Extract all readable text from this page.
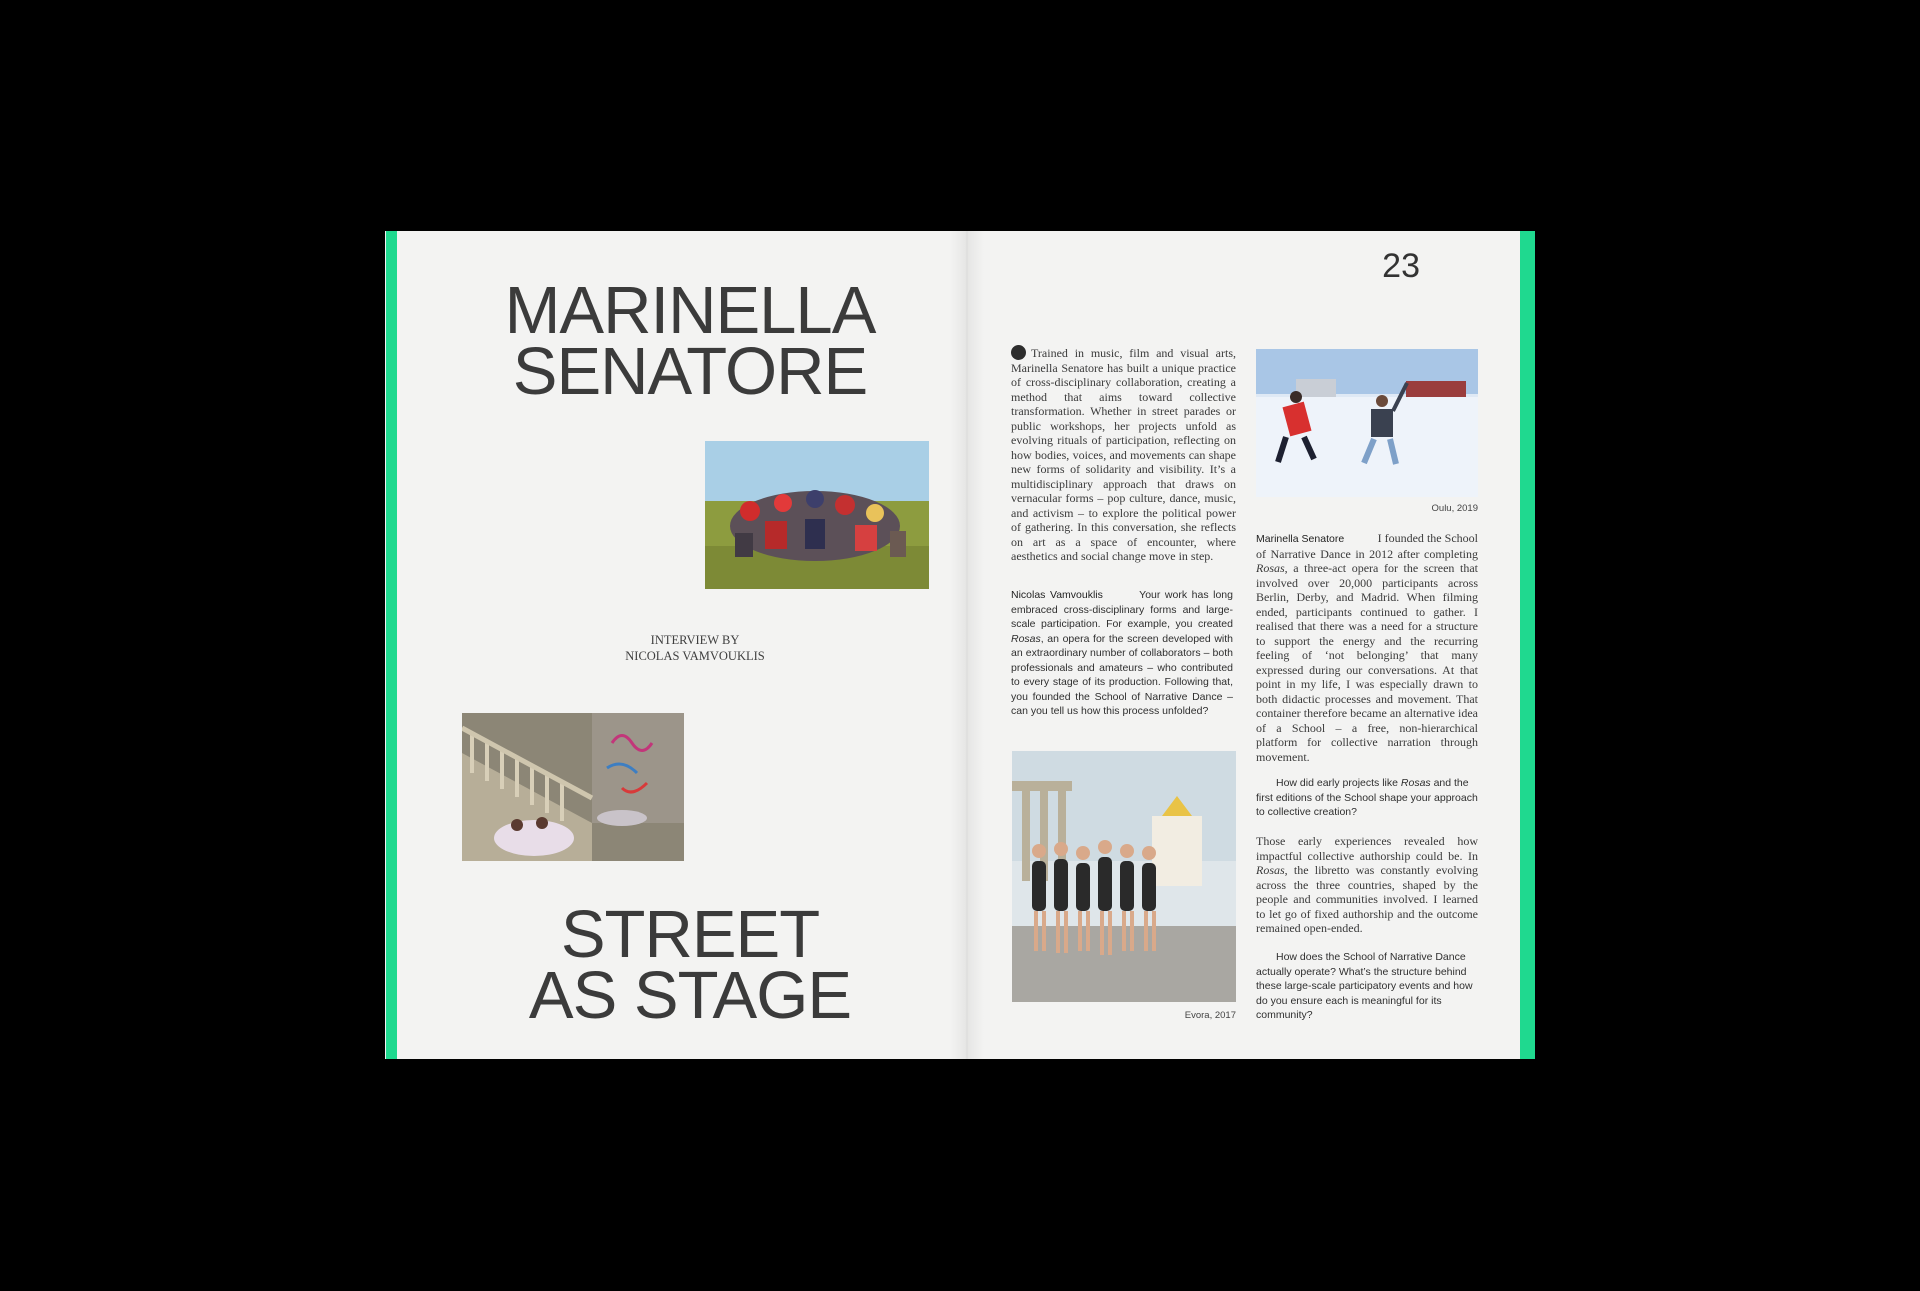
MARINELLA
SENATORE
INTERVIEW BY
NICOLAS VAMVOUKLIS
STREET
AS STAGE
23
Trained in music, film and visual arts, Marinella Senatore has built a unique practice of cross-disciplinary collaboration, creating a method that aims toward collective transformation. Whether in street parades or public workshops, her projects unfold as evolving rituals of participation, reflecting on how bodies, voices, and movements can shape new forms of solidarity and visibility. It’s a multidisciplinary approach that draws on vernacular forms – pop culture, dance, music, and activism – to explore the political power of gathering. In this conversation, she reflects on art as a space of encounter, where aesthetics and social change move in step.
Nicolas Vamvouklis	Your work has long embraced cross-disciplinary forms and large-scale participation. For example, you created Rosas, an opera for the screen developed with an extraordinary number of collaborators – both professionals and amateurs – who contributed to every stage of its production. Following that, you founded the School of Narrative Dance – can you tell us how this process unfolded?
Evora, 2017
Oulu, 2019
Marinella Senatore	I founded the School of Narrative Dance in 2012 after completing Rosas, a three-act opera for the screen that involved over 20,000 participants across Berlin, Derby, and Madrid. When filming ended, participants continued to gather. I realised that there was a need for a structure to support the energy and the recurring feeling of ‘not belonging’ that many expressed during our conversations. At that point in my life, I was especially drawn to both didactic processes and movement. That container therefore became an alternative idea of a School – a free, non-hierarchical platform for collective narration through movement.
How did early projects like Rosas and the first editions of the School shape your approach to collective creation?
Those early experiences revealed how impactful collective authorship could be. In Rosas, the libretto was constantly evolving across the three countries, shaped by the people and communities involved. I learned to let go of fixed authorship and the outcome remained open-ended.
How does the School of Narrative Dance actually operate? What’s the structure behind these large-scale participatory events and how do you ensure each is meaningful for its community?
